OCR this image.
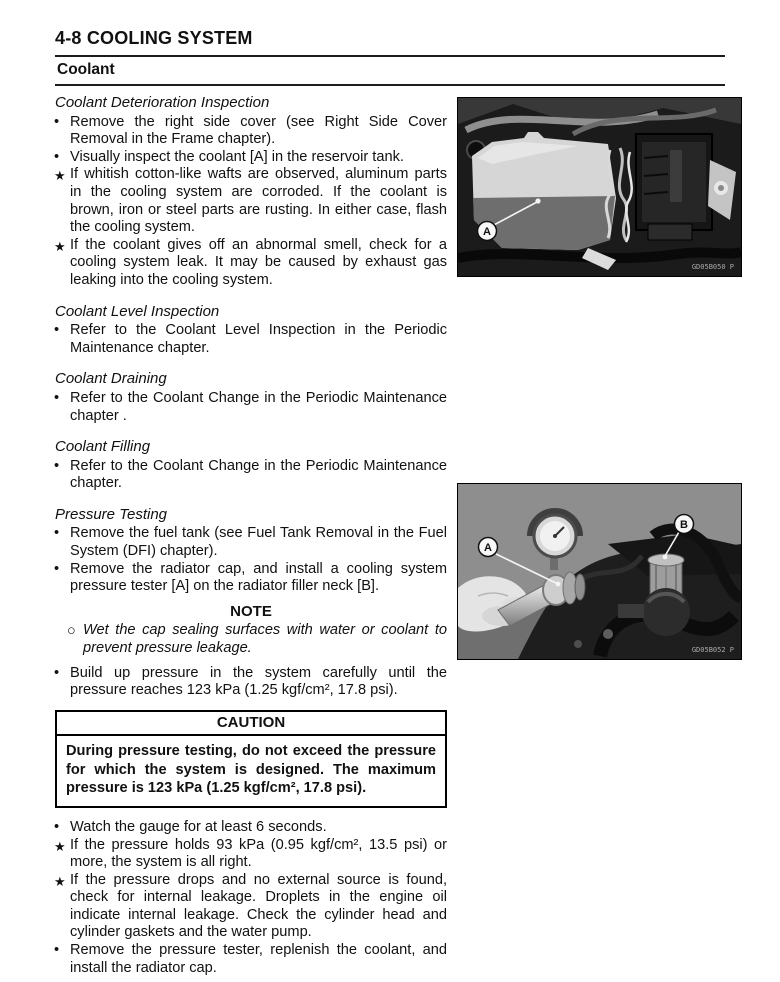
4-8 COOLING SYSTEM
Coolant
Coolant Deterioration Inspection
• Remove the right side cover (see Right Side Cover Removal in the Frame chapter).
• Visually inspect the coolant [A] in the reservoir tank.
★ If whitish cotton-like wafts are observed, aluminum parts in the cooling system are corroded. If the coolant is brown, iron or steel parts are rusting. In either case, flash the cooling system.
★ If the coolant gives off an abnormal smell, check for a cooling system leak. It may be caused by exhaust gas leaking into the cooling system.
Coolant Level Inspection
• Refer to the Coolant Level Inspection in the Periodic Maintenance chapter.
Coolant Draining
• Refer to the Coolant Change in the Periodic Maintenance chapter .
Coolant Filling
• Refer to the Coolant Change in the Periodic Maintenance chapter.
Pressure Testing
• Remove the fuel tank (see Fuel Tank Removal in the Fuel System (DFI) chapter).
• Remove the radiator cap, and install a cooling system pressure tester [A] on the radiator filler neck [B].
NOTE
○ Wet the cap sealing surfaces with water or coolant to prevent pressure leakage.
• Build up pressure in the system carefully until the pressure reaches 123 kPa (1.25 kgf/cm², 17.8 psi).
CAUTION
During pressure testing, do not exceed the pressure for which the system is designed. The maximum pressure is 123 kPa (1.25 kgf/cm², 17.8 psi).
• Watch the gauge for at least 6 seconds.
★ If the pressure holds 93 kPa (0.95 kgf/cm², 13.5 psi) or more, the system is all right.
★ If the pressure drops and no external source is found, check for internal leakage. Droplets in the engine oil indicate internal leakage. Check the cylinder head and cylinder gaskets and the water pump.
• Remove the pressure tester, replenish the coolant, and install the radiator cap.
A
GD05B050 P
A
B
GD05B052 P
